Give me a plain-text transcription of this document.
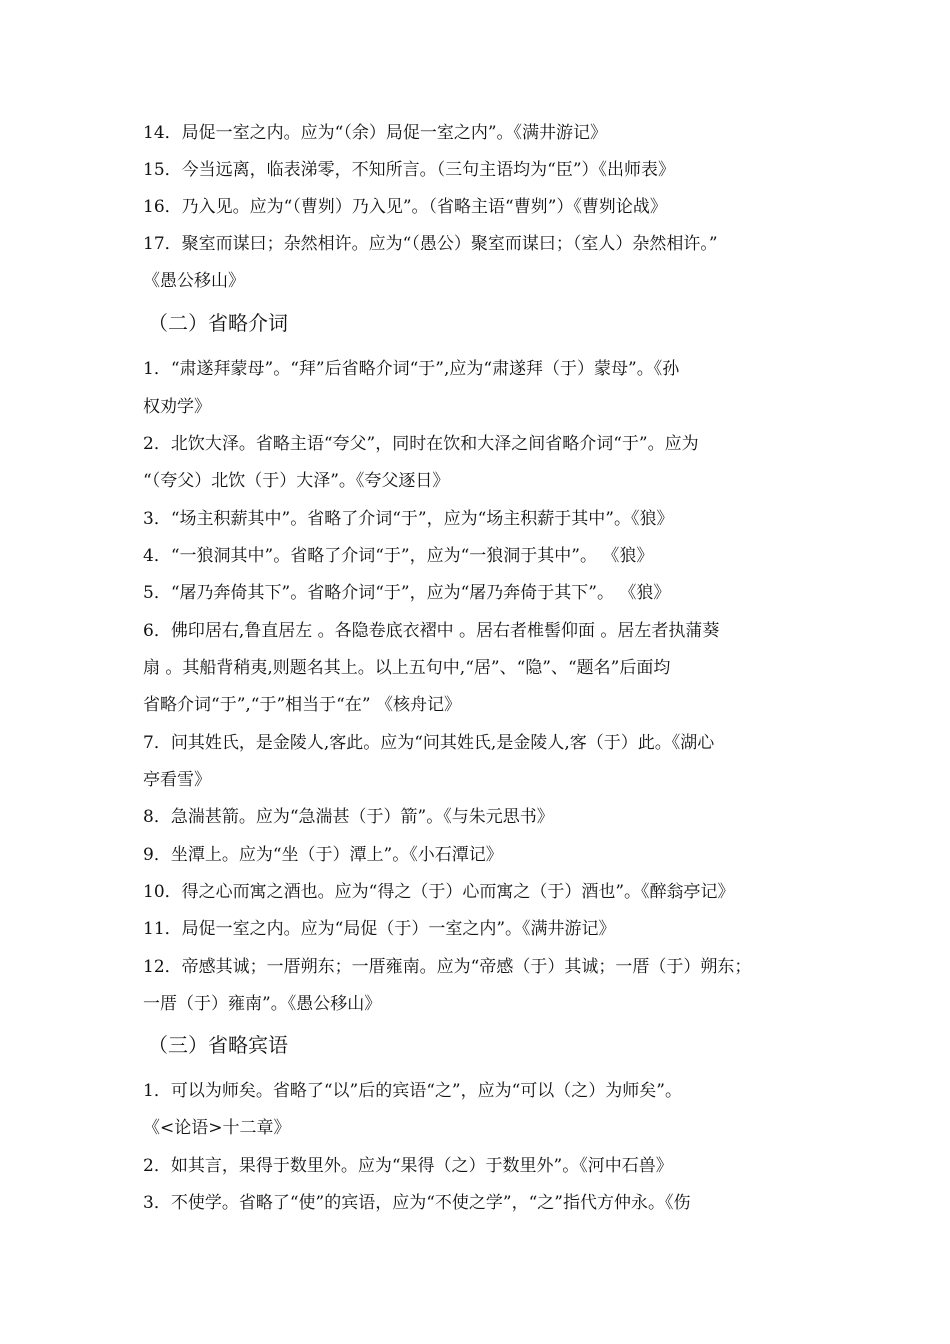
14．局促一室之内。应为“（余）局促一室之内”。《满井游记》
15．今当远离，临表涕零，不知所言。（三句主语均为“臣”）《出师表》
16．乃入见。应为“（曹刿）乃入见”。（省略主语“曹刿”）《曹刿论战》
17．聚室而谋曰；杂然相许。应为“（愚公）聚室而谋曰；（室人）杂然相许。”
《愚公移山》
（二）省略介词
1．“肃遂拜蒙母”。“拜”后省略介词“于”,应为“肃遂拜（于）蒙母”。《孙
权劝学》
2．北饮大泽。省略主语“夸父”，同时在饮和大泽之间省略介词“于”。应为
“（夸父）北饮（于）大泽”。《夸父逐日》
3．“场主积薪其中”。省略了介词“于”，应为“场主积薪于其中”。《狼》
4．“一狼洞其中”。省略了介词“于”，应为“一狼洞于其中”。 《狼》
5．“屠乃奔倚其下”。省略介词“于”，应为“屠乃奔倚于其下”。 《狼》
6．佛印居右,鲁直居左 。各隐卷底衣褶中 。居右者椎髻仰面 。居左者执蒲葵
扇 。其船背稍夷,则题名其上。以上五句中,“居”、“隐”、“题名”后面均
省略介词“于”,“于”相当于“在” 《核舟记》
7．问其姓氏，是金陵人,客此。应为“问其姓氏,是金陵人,客（于）此。《湖心
亭看雪》
8．急湍甚箭。应为“急湍甚（于）箭”。《与朱元思书》
9．坐潭上。应为“坐（于）潭上”。《小石潭记》
10．得之心而寓之酒也。应为“得之（于）心而寓之（于）酒也”。《醉翁亭记》
11．局促一室之内。应为“局促（于）一室之内”。《满井游记》
12．帝感其诚；一厝朔东；一厝雍南。应为“帝感（于）其诚；一厝（于）朔东；
一厝（于）雍南”。《愚公移山》
（三）省略宾语
1．可以为师矣。省略了“以”后的宾语“之”，应为“可以（之）为师矣”。
《<论语>十二章》
2．如其言，果得于数里外。应为“果得（之）于数里外”。《河中石兽》
3．不使学。省略了“使”的宾语，应为“不使之学”，“之”指代方仲永。《伤
